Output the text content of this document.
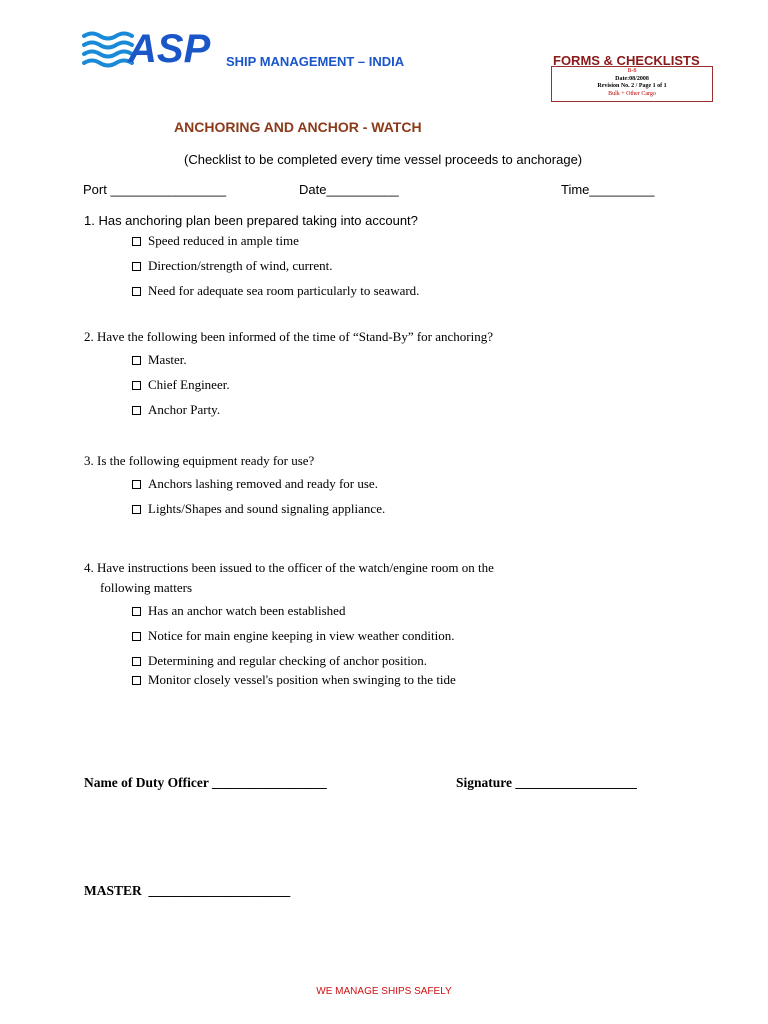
ASP SHIP MANAGEMENT – INDIA	FORMS & CHECKLISTS
B-8
Date:08/2008
Revision No. 2 / Page 1 of 1
Bulk + Other Cargo
ANCHORING AND ANCHOR - WATCH
(Checklist to be completed every time vessel proceeds to anchorage)
Port ________________	Date__________	Time_________
1. Has anchoring plan been prepared taking into account?
Speed reduced in ample time
Direction/strength of wind, current.
Need for adequate sea room particularly to seaward.
2. Have the following been informed of the time of “Stand-By” for anchoring?
Master.
Chief Engineer.
Anchor Party.
3. Is the following equipment ready for use?
Anchors lashing removed and ready for use.
Lights/Shapes and sound signaling appliance.
4. Have instructions been issued to the officer of the watch/engine room on the
following matters
Has an anchor watch been established
Notice for main engine keeping in view weather condition.
Determining and regular checking of anchor position.
Monitor closely vessel's position when swinging to the tide
Name of Duty Officer _________________	Signature __________________
MASTER  _____________________
WE MANAGE SHIPS SAFELY
